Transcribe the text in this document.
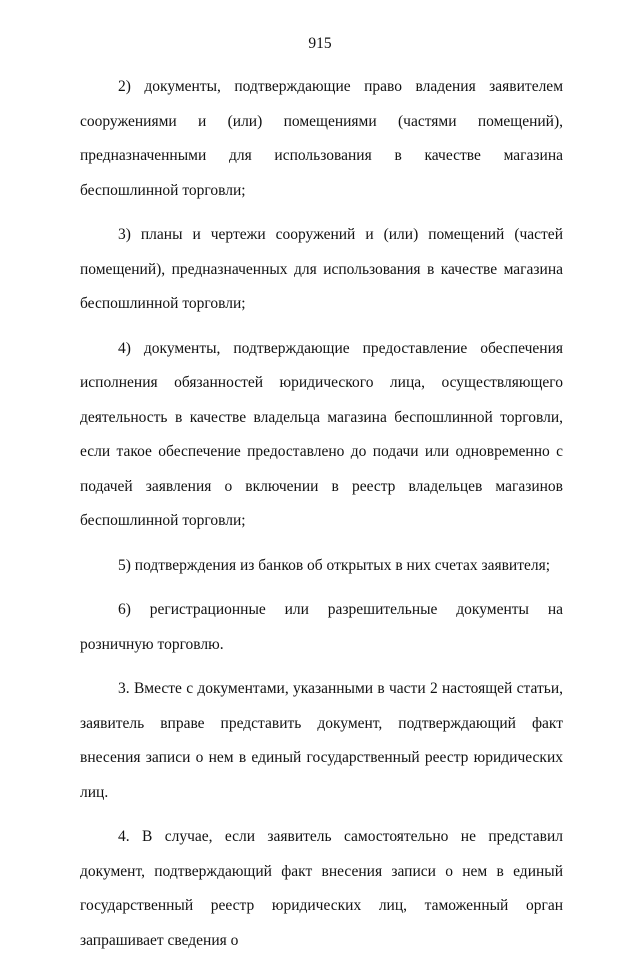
915

2) документы, подтверждающие право владения заявителем сооружениями и (или) помещениями (частями помещений), предназначенными для использования в качестве магазина беспошлинной торговли;

3) планы и чертежи сооружений и (или) помещений (частей помещений), предназначенных для использования в качестве магазина беспошлинной торговли;

4) документы, подтверждающие предоставление обеспечения исполнения обязанностей юридического лица, осуществляющего деятельность в качестве владельца магазина беспошлинной торговли, если такое обеспечение предоставлено до подачи или одновременно с подачей заявления о включении в реестр владельцев магазинов беспошлинной торговли;

5) подтверждения из банков об открытых в них счетах заявителя;

6) регистрационные или разрешительные документы на розничную торговлю.

3. Вместе с документами, указанными в части 2 настоящей статьи, заявитель вправе представить документ, подтверждающий факт внесения записи о нем в единый государственный реестр юридических лиц.

4. В случае, если заявитель самостоятельно не представил документ, подтверждающий факт внесения записи о нем в единый государственный реестр юридических лиц, таможенный орган запрашивает сведения о
